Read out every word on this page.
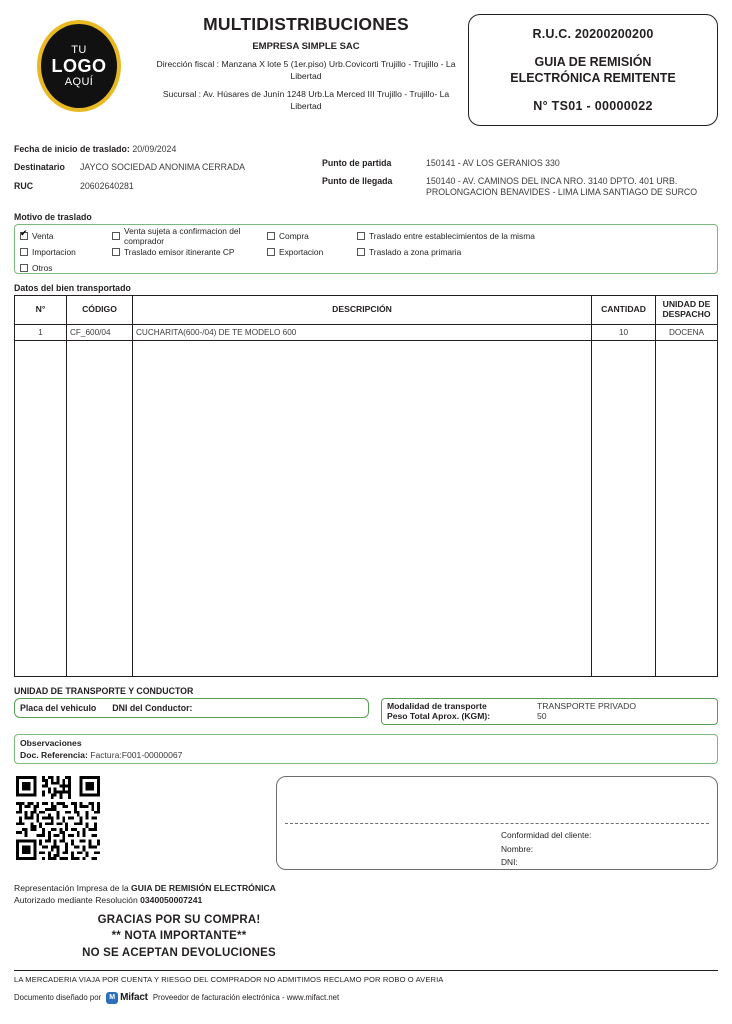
TU
LOGO
AQUÍ
MULTIDISTRIBUCIONES
EMPRESA SIMPLE SAC
Dirección fiscal : Manzana X lote 5 (1er.piso) Urb.Covicorti Trujillo - Trujillo - La Libertad
Sucursal : Av. Húsares de Junín 1248 Urb.La Merced III Trujillo - Trujillo- La Libertad
R.U.C. 20200200200
GUIA DE REMISIÓN
ELECTRÓNICA REMITENTE
N° TS01 - 00000022
Fecha de inicio de traslado: 20/09/2024
Destinatario	JAYCO SOCIEDAD ANONIMA CERRADA
RUC	20602640281
Punto de partida	150141 - AV LOS GERANIOS 330
Punto de llegada	150140 - AV. CAMINOS DEL INCA NRO. 3140 DPTO. 401 URB. PROLONGACION BENAVIDES - LIMA LIMA SANTIAGO DE SURCO
Motivo de traslado
✔
Venta	Venta sujeta a confirmacion del comprador	Compra	Traslado entre establecimientos de la misma
Importacion	Traslado emisor itinerante CP	Exportacion	Traslado a zona primaria
Otros
Datos del bien transportado
N°	CÓDIGO	DESCRIPCIÓN	CANTIDAD	UNIDAD DE
DESPACHO

1	CF_600/04	CUCHARITA(600-/04) DE TE MODELO 600	10	DOCENA

UNIDAD DE TRANSPORTE Y CONDUCTOR
Placa del vehiculo DNI del Conductor:	Modalidad de transporte	TRANSPORTE PRIVADO
Peso Total Aprox. (KGM):	50
Observaciones
Doc. Referencia: Factura:F001-00000067
Conformidad del cliente:
Nombre:
DNI:
Representación Impresa de la GUIA DE REMISIÓN ELECTRÓNICA
Autorizado mediante Resolución 0340050007241
GRACIAS POR SU COMPRA!
** NOTA IMPORTANTE**
NO SE ACEPTAN DEVOLUCIONES
LA MERCADERIA VIAJA POR CUENTA Y RIESGO DEL COMPRADOR NO ADMITIMOS RECLAMO POR ROBO O AVERIA
Documento diseñado por M Mifact Proveedor de facturación electrónica - www.mifact.net
